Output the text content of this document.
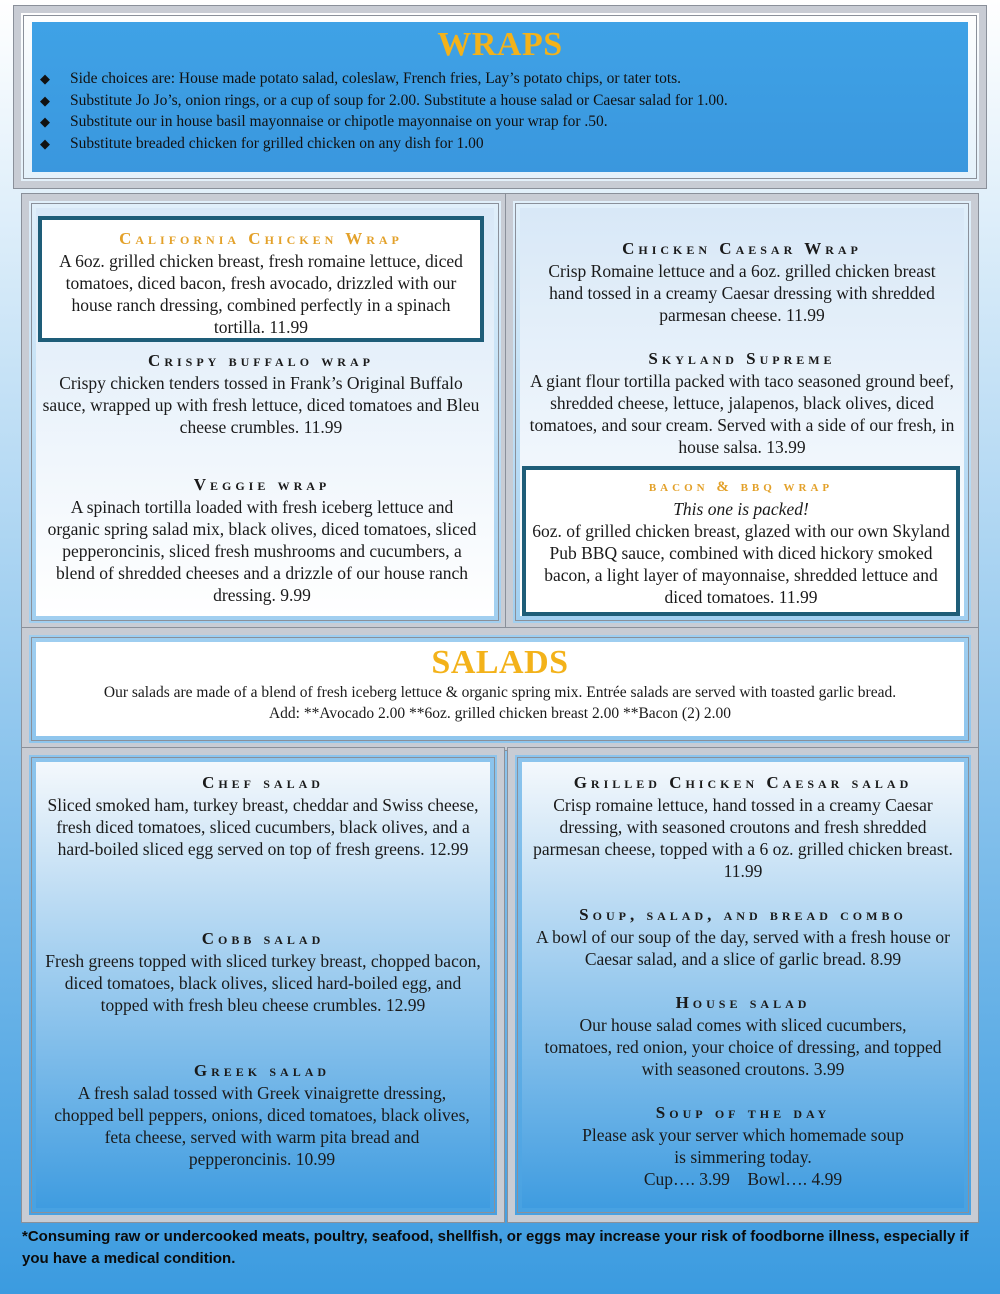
WRAPS
◆ Side choices are: House made potato salad, coleslaw, French fries, Lay’s potato chips, or tater tots.
◆ Substitute Jo Jo’s, onion rings, or a cup of soup for 2.00. Substitute a house salad or Caesar salad for 1.00.
◆ Substitute our in house basil mayonnaise or chipotle mayonnaise on your wrap for .50.
◆ Substitute breaded chicken for grilled chicken on any dish for 1.00
California Chicken Wrap
A 6oz. grilled chicken breast, fresh romaine lettuce, diced tomatoes, diced bacon, fresh avocado, drizzled with our house ranch dressing, combined perfectly in a spinach tortilla. 11.99
Crispy buffalo wrap
Crispy chicken tenders tossed in Frank’s Original Buffalo sauce, wrapped up with fresh lettuce, diced tomatoes and Bleu cheese crumbles. 11.99
Veggie wrap
A spinach tortilla loaded with fresh iceberg lettuce and organic spring salad mix, black olives, diced tomatoes, sliced pepperoncinis, sliced fresh mushrooms and cucumbers, a blend of shredded cheeses and a drizzle of our house ranch dressing. 9.99
Chicken Caesar Wrap
Crisp Romaine lettuce and a 6oz. grilled chicken breast hand tossed in a creamy Caesar dressing with shredded parmesan cheese. 11.99
Skyland Supreme
A giant flour tortilla packed with taco seasoned ground beef, shredded cheese, lettuce, jalapenos, black olives, diced tomatoes, and sour cream. Served with a side of our fresh, in house salsa. 13.99
bacon & bbq wrap
This one is packed!
6oz. of grilled chicken breast, glazed with our own Skyland Pub BBQ sauce, combined with diced hickory smoked bacon, a light layer of mayonnaise, shredded lettuce and diced tomatoes. 11.99
SALADS
Our salads are made of a blend of fresh iceberg lettuce & organic spring mix. Entrée salads are served with toasted garlic bread.
Add: **Avocado 2.00 **6oz. grilled chicken breast 2.00 **Bacon (2) 2.00
Chef salad
Sliced smoked ham, turkey breast, cheddar and Swiss cheese, fresh diced tomatoes, sliced cucumbers, black olives, and a hard-boiled sliced egg served on top of fresh greens. 12.99
Cobb salad
Fresh greens topped with sliced turkey breast, chopped bacon, diced tomatoes, black olives, sliced hard-boiled egg, and topped with fresh bleu cheese crumbles. 12.99
Greek salad
A fresh salad tossed with Greek vinaigrette dressing, chopped bell peppers, onions, diced tomatoes, black olives, feta cheese, served with warm pita bread and pepperoncinis. 10.99
Grilled Chicken Caesar salad
Crisp romaine lettuce, hand tossed in a creamy Caesar dressing, with seasoned croutons and fresh shredded parmesan cheese, topped with a 6 oz. grilled chicken breast. 11.99
Soup, salad, and bread combo
A bowl of our soup of the day, served with a fresh house or Caesar salad, and a slice of garlic bread. 8.99
House salad
Our house salad comes with sliced cucumbers, tomatoes, red onion, your choice of dressing, and topped with seasoned croutons. 3.99
Soup of the day
Please ask your server which homemade soup is simmering today.
Cup…. 3.99    Bowl…. 4.99
*Consuming raw or undercooked meats, poultry, seafood, shellfish, or eggs may increase your risk of foodborne illness, especially if you have a medical condition.
